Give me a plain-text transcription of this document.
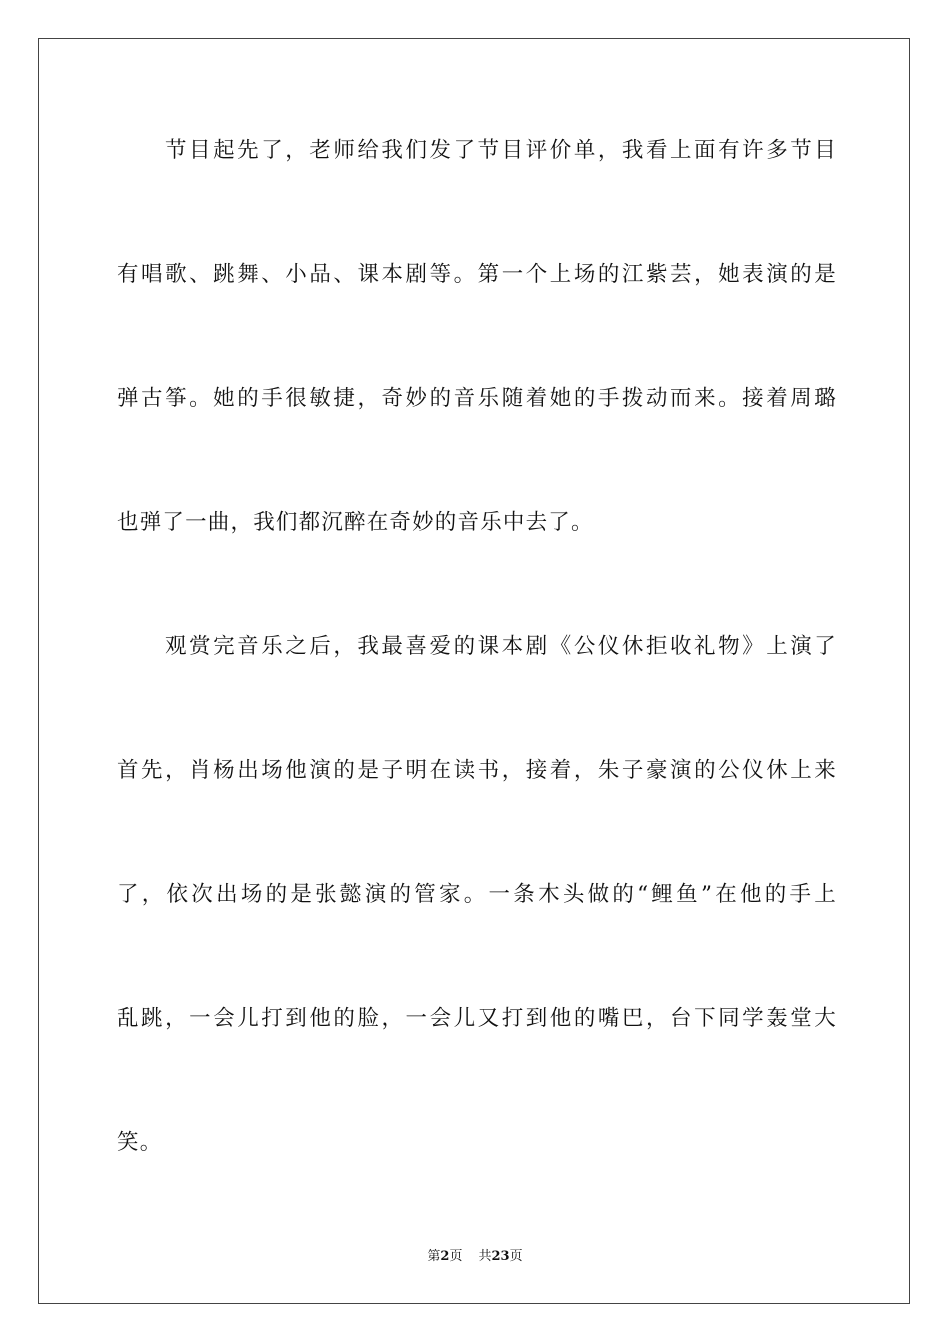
节目起先了，老师给我们发了节目评价单，我看上面有许多节目
有唱歌、跳舞、小品、课本剧等。第一个上场的江紫芸，她表演的是
弹古筝。她的手很敏捷，奇妙的音乐随着她的手拨动而来。接着周璐
也弹了一曲，我们都沉醉在奇妙的音乐中去了。
观赏完音乐之后，我最喜爱的课本剧《公仪休拒收礼物》上演了
首先，肖杨出场他演的是子明在读书，接着，朱子豪演的公仪休上来
了，依次出场的是张懿演的管家。一条木头做的“鲤鱼”在他的手上
乱跳，一会儿打到他的脸，一会儿又打到他的嘴巴，台下同学轰堂大
笑。
第2页 共23页
